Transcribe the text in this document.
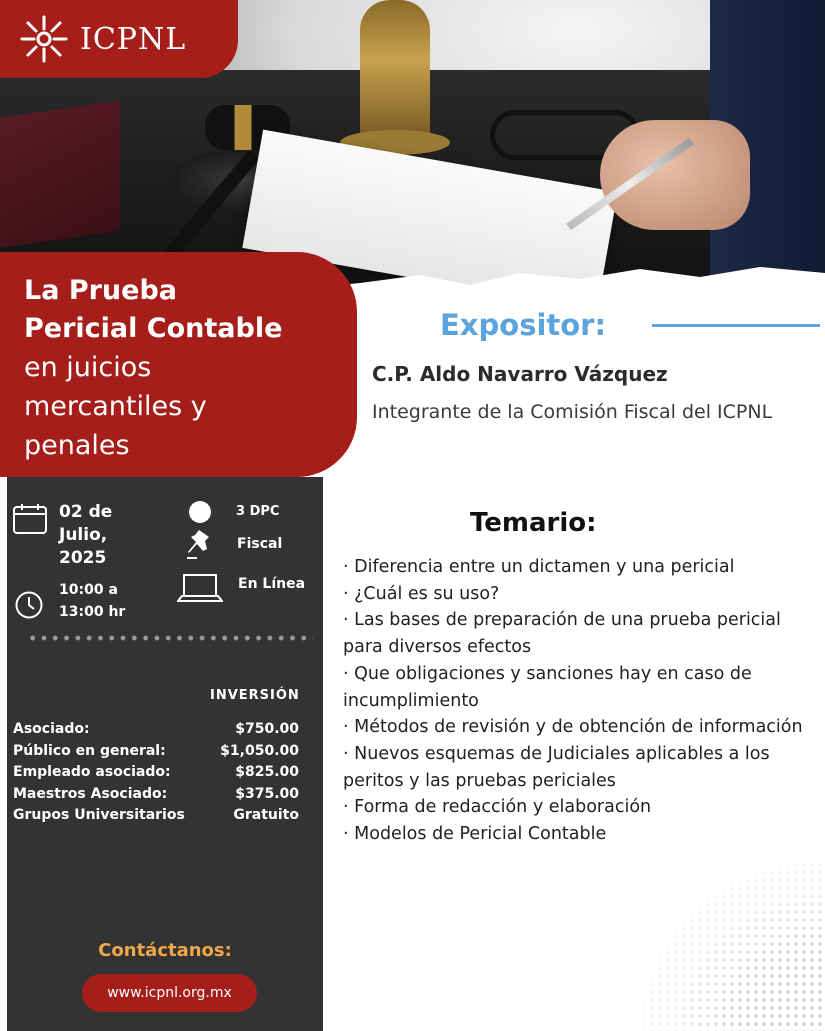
ICPNL
La Prueba
Pericial Contable
en juicios
mercantiles y
penales
02 de
Julio,
2025
10:00 a
13:00 hr
3 DPC
Fiscal
En Línea
INVERSIÓN
Asociado:	$750.00
Público en general:	$1,050.00
Empleado asociado:	$825.00
Maestros Asociado:	$375.00
Grupos Universitarios	Gratuito
Contáctanos:
www.icpnl.org.mx
Expositor:
C.P. Aldo Navarro Vázquez
Integrante de la Comisión Fiscal del ICPNL
Temario:
· Diferencia entre un dictamen y una pericial
· ¿Cuál es su uso?
· Las bases de preparación de una prueba pericial para diversos efectos
· Que obligaciones y sanciones hay en caso de incumplimiento
· Métodos de revisión y de obtención de información
· Nuevos esquemas de Judiciales aplicables a los peritos y las pruebas periciales
· Forma de redacción y elaboración
· Modelos de Pericial Contable
